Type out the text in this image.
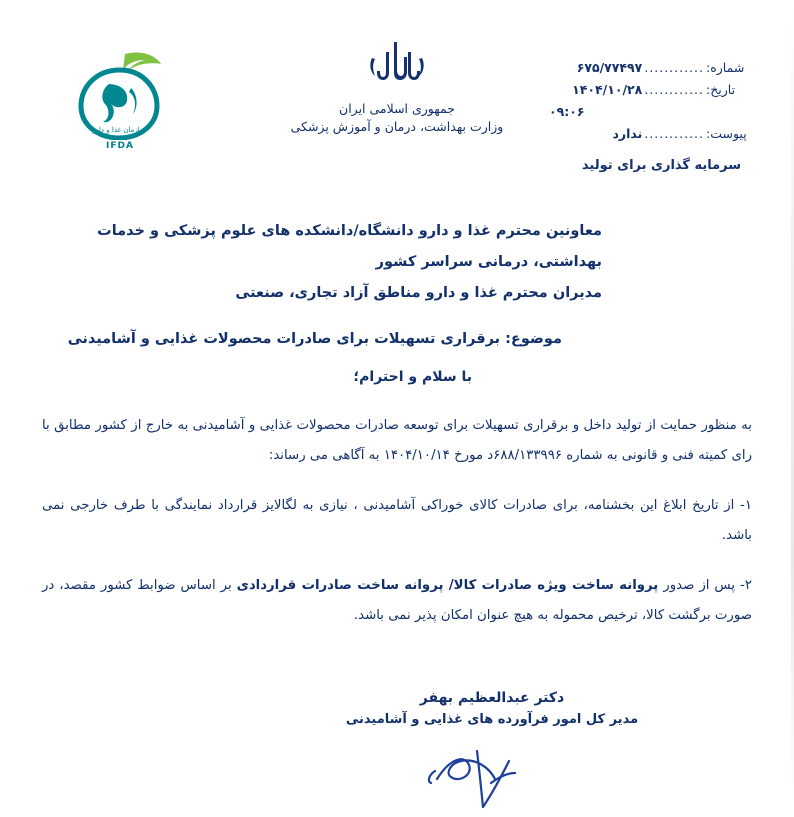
شماره:
............
۶۷۵/۷۷۴۹۷
تاریخ:
............
۱۴۰۴/۱۰/۲۸
۰۹:۰۶
پیوست:
............
ندارد
سرمایه گذاری برای تولید
جمهوری اسلامی ایران
وزارت بهداشت، درمان و آموزش پزشکی
سازمان غذا و دارو
IFDA
معاونین محترم غذا و دارو دانشگاه/دانشکده های علوم پزشکی و خدمات بهداشتی، درمانی سراسر کشور
مدیران محترم غذا و دارو مناطق آزاد تجاری، صنعتی
موضوع: برقراری تسهیلات برای صادرات محصولات غذایی و آشامیدنی
با سلام و احترام؛
به منظور حمایت از تولید داخل و برقراری تسهیلات برای توسعه صادرات محصولات غذایی و آشامیدنی به خارج از کشور مطابق با رای کمیته فنی و قانونی به شماره ۶۸۸/۱۳۳۹۹۶د مورخ ۱۴۰۴/۱۰/۱۴ به آگاهی می رساند:
۱- از تاریخ ابلاغ این بخشنامه، برای صادرات کالای خوراکی آشامیدنی ، نیازی به لگالایز قرارداد نمایندگی با طرف خارجی نمی باشد.
۲- پس از صدور پروانه ساخت ویژه صادرات کالا/ پروانه ساخت صادرات قراردادی بر اساس ضوابط کشور مقصد، در صورت برگشت کالا، ترخیص محموله به هیچ عنوان امکان پذیر نمی باشد.
دکتر عبدالعظیم بهفر
مدیر کل امور فرآورده های غذایی و آشامیدنی
